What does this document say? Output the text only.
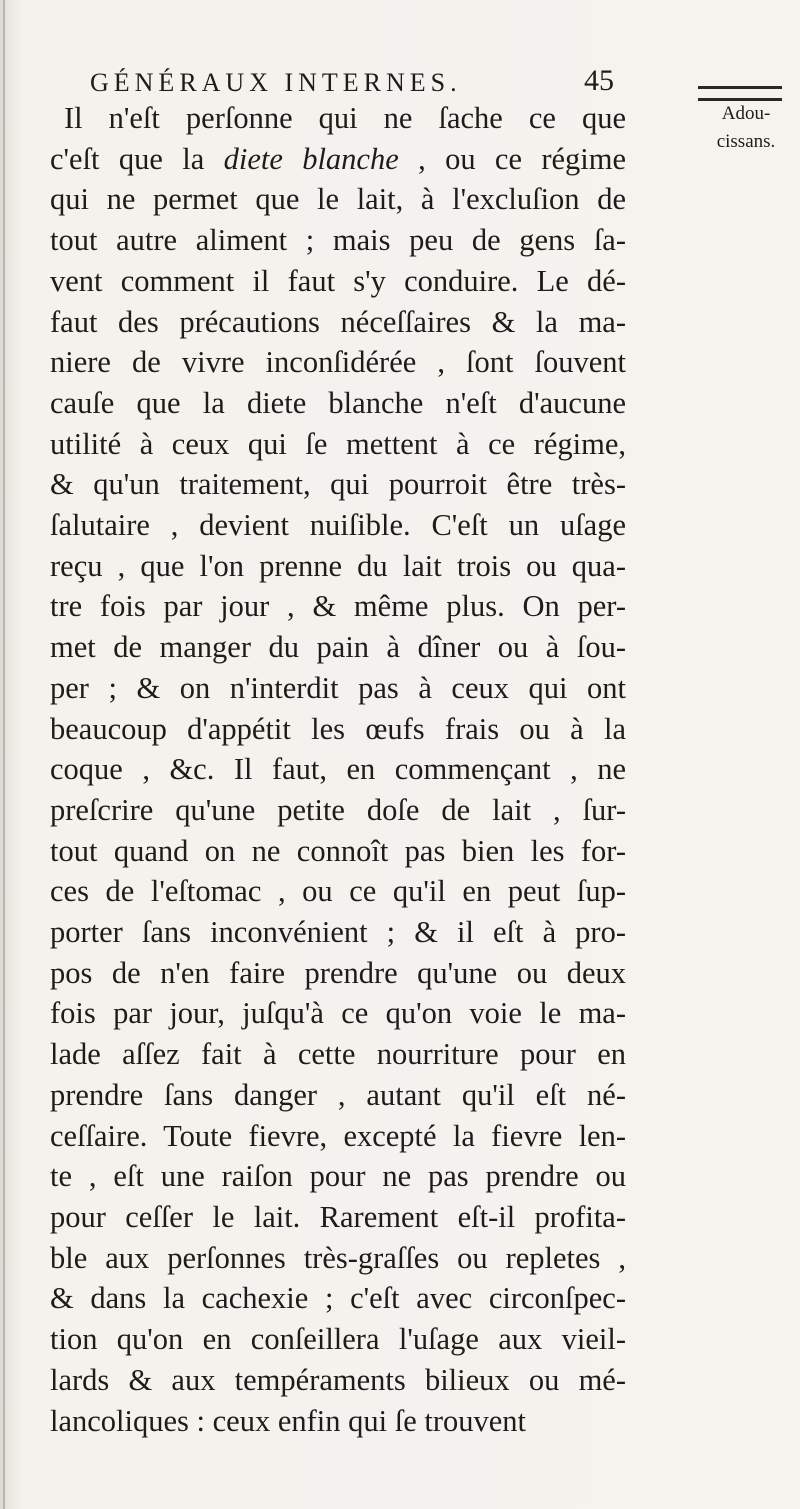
GÉNÉRAUX INTERNES.	45
Adou-
cissans.
Il n'eſt perſonne qui ne ſache ce que
c'eſt que la diete blanche , ou ce régime
qui ne permet que le lait, à l'excluſion de
tout autre aliment ; mais peu de gens ſa-
vent comment il faut s'y conduire. Le dé-
faut des précautions néceſſaires & la ma-
niere de vivre inconſidérée , ſont ſouvent
cauſe que la diete blanche n'eſt d'aucune
utilité à ceux qui ſe mettent à ce régime,
& qu'un traitement, qui pourroit être très-
ſalutaire , devient nuiſible. C'eſt un uſage
reçu , que l'on prenne du lait trois ou qua-
tre fois par jour , & même plus. On per-
met de manger du pain à dîner ou à ſou-
per ; & on n'interdit pas à ceux qui ont
beaucoup d'appétit les œufs frais ou à la
coque , &c. Il faut, en commençant , ne
preſcrire qu'une petite doſe de lait , ſur-
tout quand on ne connoît pas bien les for-
ces de l'eſtomac , ou ce qu'il en peut ſup-
porter ſans inconvénient ; & il eſt à pro-
pos de n'en faire prendre qu'une ou deux
fois par jour, juſqu'à ce qu'on voie le ma-
lade aſſez fait à cette nourriture pour en
prendre ſans danger , autant qu'il eſt né-
ceſſaire. Toute fievre, excepté la fievre len-
te , eſt une raiſon pour ne pas prendre ou
pour ceſſer le lait. Rarement eſt-il profita-
ble aux perſonnes très-graſſes ou repletes ,
& dans la cachexie ; c'eſt avec circonſpec-
tion qu'on en conſeillera l'uſage aux vieil-
lards & aux tempéraments bilieux ou mé-
lancoliques : ceux enfin qui ſe trouvent
